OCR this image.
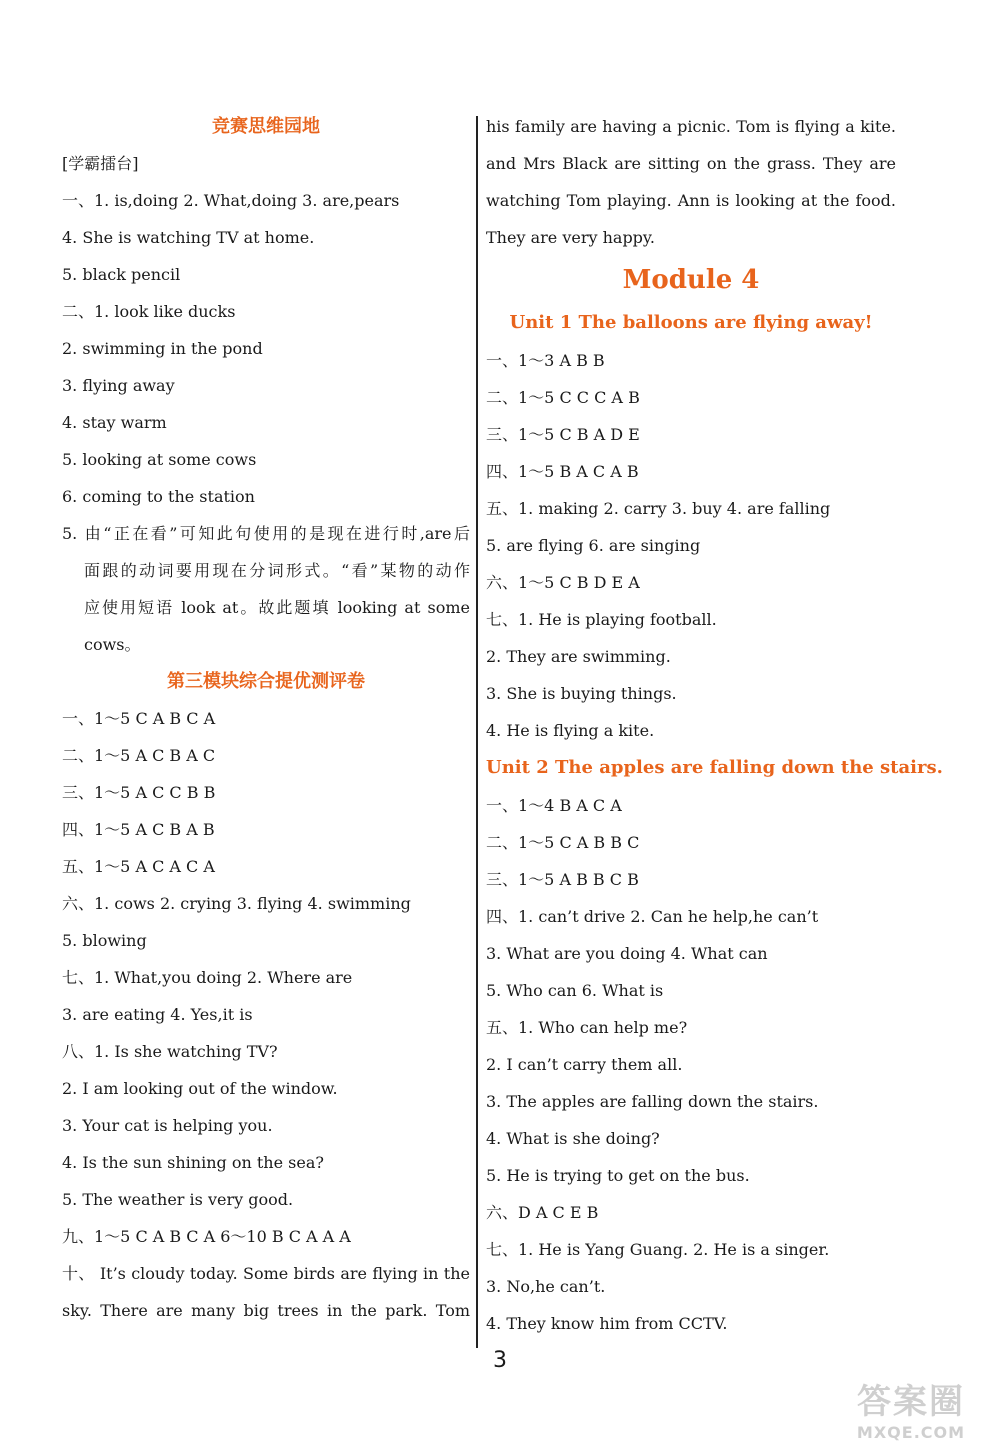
竞赛思维园地
[学霸擂台]
一、1. is,doing 2. What,doing 3. are,pears
4. She is watching TV at home.
5. black pencil
二、1. look like ducks
2. swimming in the pond
3. flying away
4. stay warm
5. looking at some cows
6. coming to the station
5. 由“正在看”可知此句使用的是现在进行时,are后
面跟的动词要用现在分词形式。“看”某物的动作
应使用短语 look at。故此题填 looking at some
cows。
第三模块综合提优测评卷
一、1～5 C A B C A
二、1～5 A C B A C
三、1～5 A C C B B
四、1～5 A C B A B
五、1～5 A C A C A
六、1. cows 2. crying 3. flying 4. swimming
5. blowing
七、1. What,you doing 2. Where are
3. are eating 4. Yes,it is
八、1. Is she watching TV?
2. I am looking out of the window.
3. Your cat is helping you.
4. Is the sun shining on the sea?
5. The weather is very good.
九、1～5 C A B C A 6～10 B C A A A
十、 It’s cloudy today. Some birds are flying in the
sky. There are many big trees in the park. Tom
his family are having a picnic. Tom is flying a kite.
and Mrs Black are sitting on the grass. They are
watching Tom playing. Ann is looking at the food.
They are very happy.
Module 4
Unit 1 The balloons are flying away!
一、1～3 A B B
二、1～5 C C C A B
三、1～5 C B A D E
四、1～5 B A C A B
五、1. making 2. carry 3. buy 4. are falling
5. are flying 6. are singing
六、1～5 C B D E A
七、1. He is playing football.
2. They are swimming.
3. She is buying things.
4. He is flying a kite.
Unit 2 The apples are falling down the stairs.
一、1～4 B A C A
二、1～5 C A B B C
三、1～5 A B B C B
四、1. can’t drive 2. Can he help,he can’t
3. What are you doing 4. What can
5. Who can 6. What is
五、1. Who can help me?
2. I can’t carry them all.
3. The apples are falling down the stairs.
4. What is she doing?
5. He is trying to get on the bus.
六、D A C E B
七、1. He is Yang Guang. 2. He is a singer.
3. No,he can’t.
4. They know him from CCTV.
3
答案圈
MXQE.COM
